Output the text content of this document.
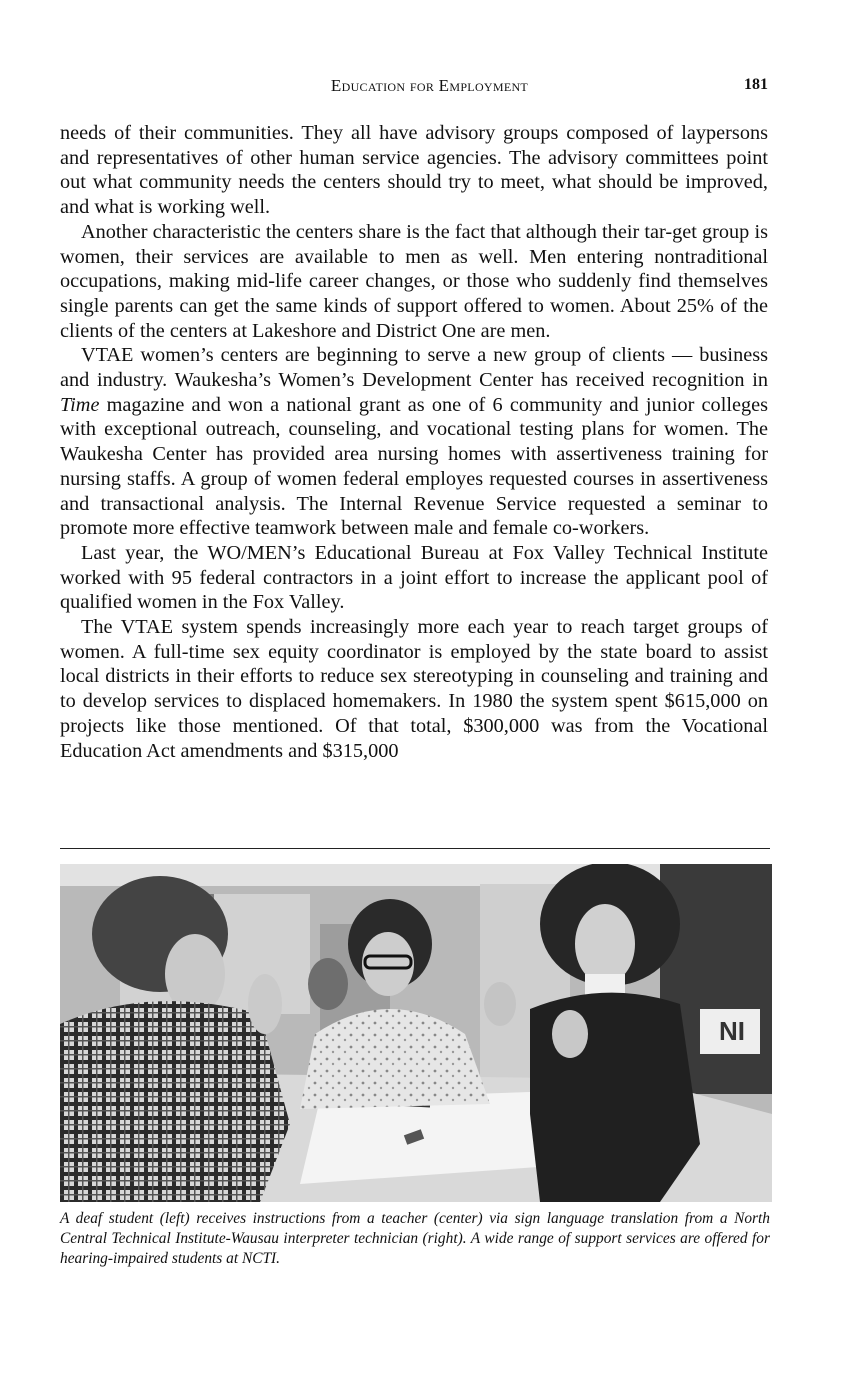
Education for Employment	181

needs of their communities. They all have advisory groups composed of laypersons and representatives of other human service agencies. The advisory committees point out what community needs the centers should try to meet, what should be improved, and what is working well.

Another characteristic the centers share is the fact that although their tar-get group is women, their services are available to men as well. Men entering nontraditional occupations, making mid-life career changes, or those who suddenly find themselves single parents can get the same kinds of support offered to women. About 25% of the clients of the centers at Lakeshore and District One are men.

VTAE women’s centers are beginning to serve a new group of clients — business and industry. Waukesha’s Women’s Development Center has received recognition in Time magazine and won a national grant as one of 6 community and junior colleges with exceptional outreach, counseling, and vocational testing plans for women. The Waukesha Center has provided area nursing homes with assertiveness training for nursing staffs. A group of women federal employes requested courses in assertiveness and transactional analysis. The Internal Revenue Service requested a seminar to promote more effective teamwork between male and female co-workers.

Last year, the WO/MEN’s Educational Bureau at Fox Valley Technical Institute worked with 95 federal contractors in a joint effort to increase the applicant pool of qualified women in the Fox Valley.

The VTAE system spends increasingly more each year to reach target groups of women. A full-time sex equity coordinator is employed by the state board to assist local districts in their efforts to reduce sex stereotyping in counseling and training and to develop services to displaced homemakers. In 1980 the system spent $615,000 on projects like those mentioned. Of that total, $300,000 was from the Vocational Education Act amendments and $315,000

NI
A deaf student (left) receives instructions from a teacher (center) via sign language translation from a North Central Technical Institute-Wausau interpreter technician (right). A wide range of support services are offered for hearing-impaired students at NCTI.
